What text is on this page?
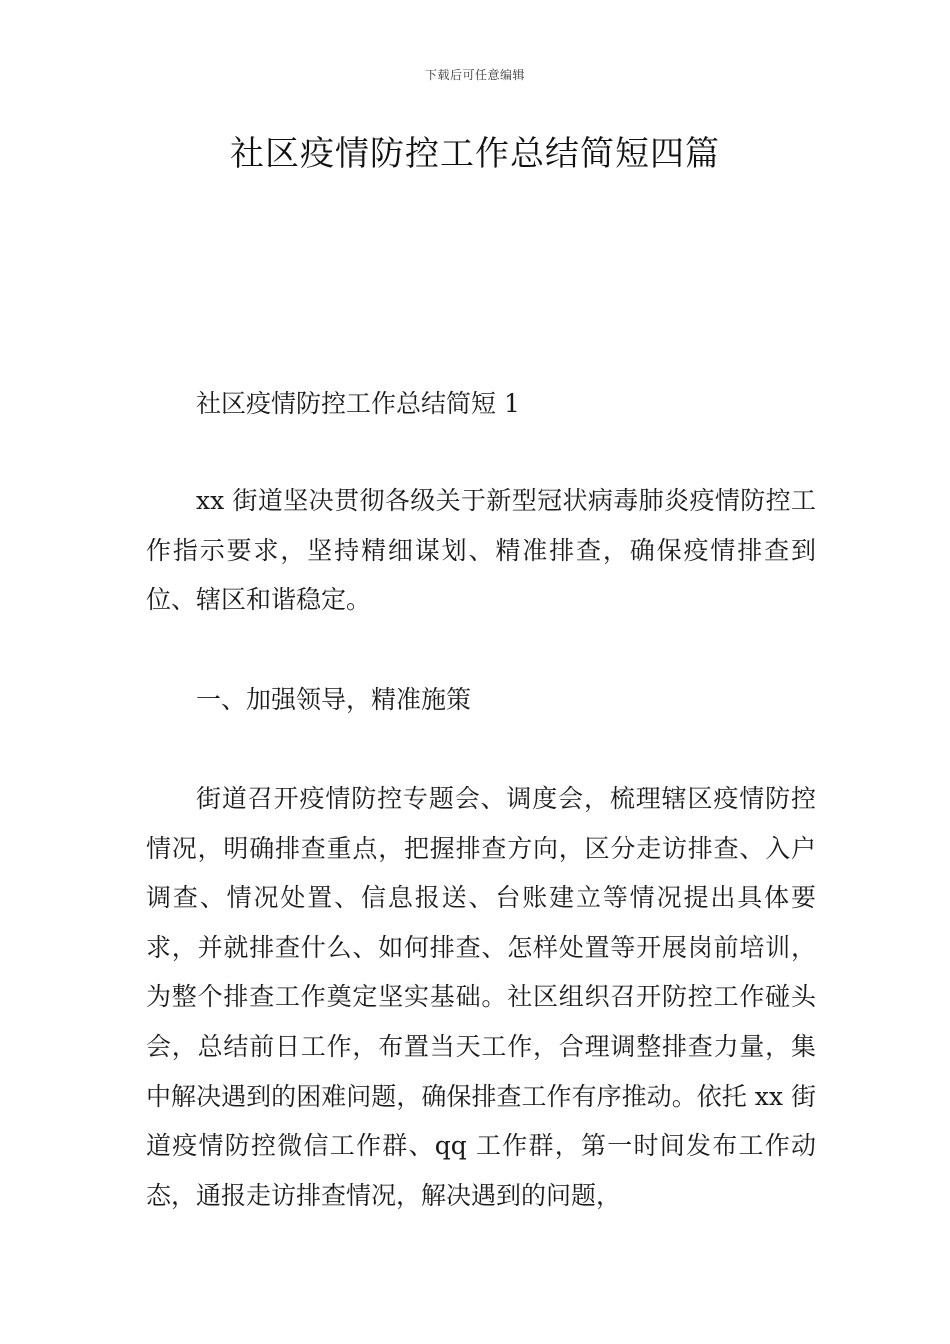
下载后可任意编辑
社区疫情防控工作总结简短四篇
社区疫情防控工作总结简短 1

xx 街道坚决贯彻各级关于新型冠状病毒肺炎疫情防控工作指示要求，坚持精细谋划、精准排查，确保疫情排查到位、辖区和谐稳定。

一、加强领导，精准施策

街道召开疫情防控专题会、调度会，梳理辖区疫情防控情况，明确排查重点，把握排查方向，区分走访排查、入户调查、情况处置、信息报送、台账建立等情况提出具体要求，并就排查什么、如何排查、怎样处置等开展岗前培训，为整个排查工作奠定坚实基础。社区组织召开防控工作碰头会，总结前日工作，布置当天工作，合理调整排查力量，集中解决遇到的困难问题，确保排查工作有序推动。依托 xx 街道疫情防控微信工作群、qq 工作群，第一时间发布工作动态，通报走访排查情况，解决遇到的问题，
